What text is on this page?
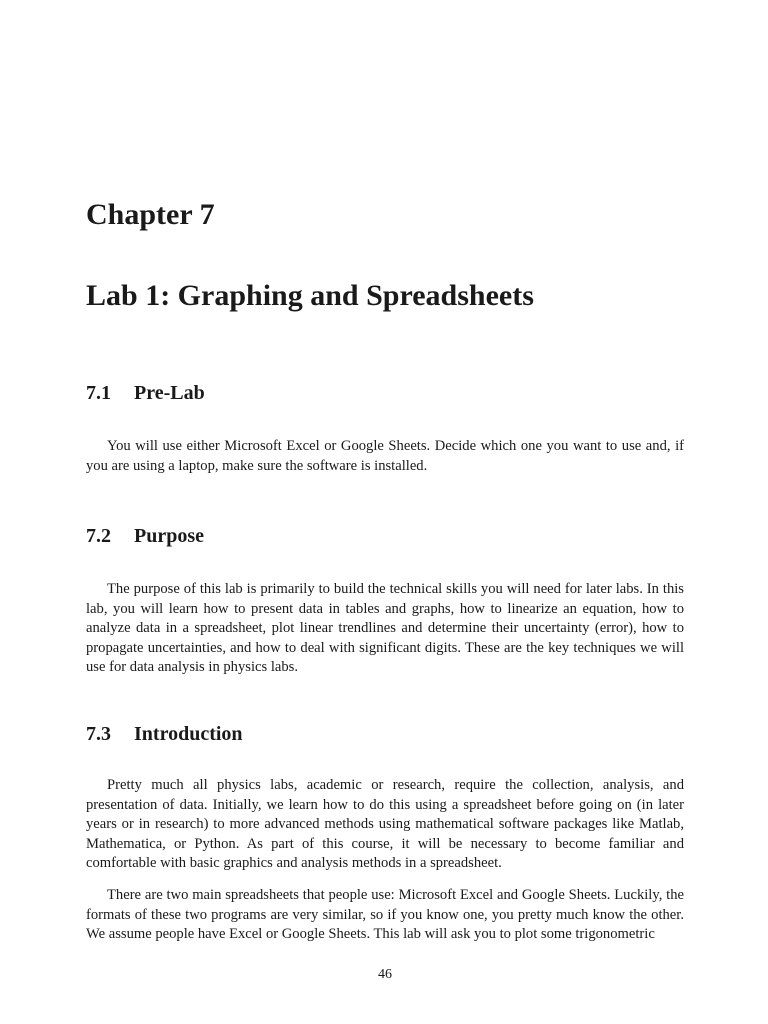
Chapter 7
Lab 1: Graphing and Spreadsheets
7.1 Pre-Lab

You will use either Microsoft Excel or Google Sheets. Decide which one you want to use and, if you are using a laptop, make sure the software is installed.

7.2 Purpose

The purpose of this lab is primarily to build the technical skills you will need for later labs. In this lab, you will learn how to present data in tables and graphs, how to linearize an equation, how to analyze data in a spreadsheet, plot linear trendlines and determine their uncertainty (error), how to propagate uncertainties, and how to deal with significant digits. These are the key techniques we will use for data analysis in physics labs.

7.3 Introduction

Pretty much all physics labs, academic or research, require the collection, analysis, and presentation of data. Initially, we learn how to do this using a spreadsheet before going on (in later years or in research) to more advanced methods using mathematical software packages like Matlab, Mathematica, or Python. As part of this course, it will be necessary to become familiar and comfortable with basic graphics and analysis methods in a spreadsheet.

There are two main spreadsheets that people use: Microsoft Excel and Google Sheets. Luckily, the formats of these two programs are very similar, so if you know one, you pretty much know the other. We assume people have Excel or Google Sheets. This lab will ask you to plot some trigonometric

46
